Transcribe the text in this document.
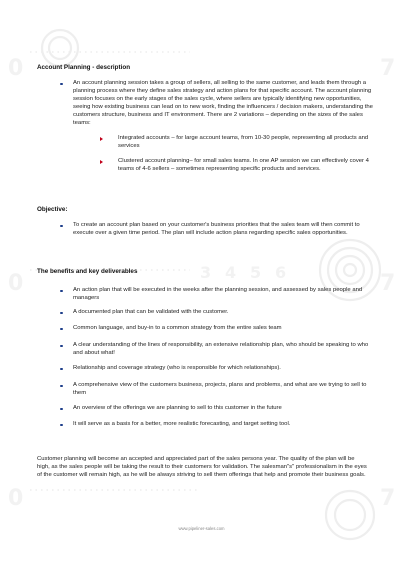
0	7
0	3 4 5 6	7
0	7
Account Planning - description
An account planning session takes a group of sellers, all selling to the same customer, and leads them through a planning process where they define sales strategy and action plans for that specific account. The account planning session focuses on the early stages of the sales cycle, where sellers are typically identifying new opportunities, seeing how existing business can lead on to new work, finding the influencers / decision makers, understanding the customers structure, business and IT environment. There are 2 variations – depending on the sizes of the sales teams:
Integrated accounts – for large account teams, from 10-30 people, representing all products and services
Clustered account planning– for small sales teams. In one AP session we can effectively cover 4 teams of 4-6 sellers – sometimes representing specific products and services.
Objective:
To create an account plan based on your customer's business priorities that the sales team will then commit to execute over a given time period. The plan will include action plans regarding specific sales opportunities.
The benefits and key deliverables
An action plan that will be executed in the weeks after the planning session, and assessed by sales people and managers
A documented plan that can be validated with the customer.
Common language, and buy-in to a common strategy from the entire sales team
A clear understanding of the lines of responsibility, an extensive relationship plan, who should be speaking to who and about what!
Relationship and coverage strategy (who is responsible for which relationships).
A comprehensive view of the customers business, projects, plans and problems, and what are we trying to sell to them
An overview of the offerings we are planning to sell to this customer in the future
It will serve as a basis for a better, more realistic forecasting, and target setting tool.
Customer planning will become an accepted and appreciated part of the sales persons year. The quality of the plan will be high, as the sales people will be taking the result to their customers for validation. The salesman"s" professionalism in the eyes of the customer will remain high, as he will be always striving to sell them offerings that help and promote their business goals.
www.pipeliner-sales.com
